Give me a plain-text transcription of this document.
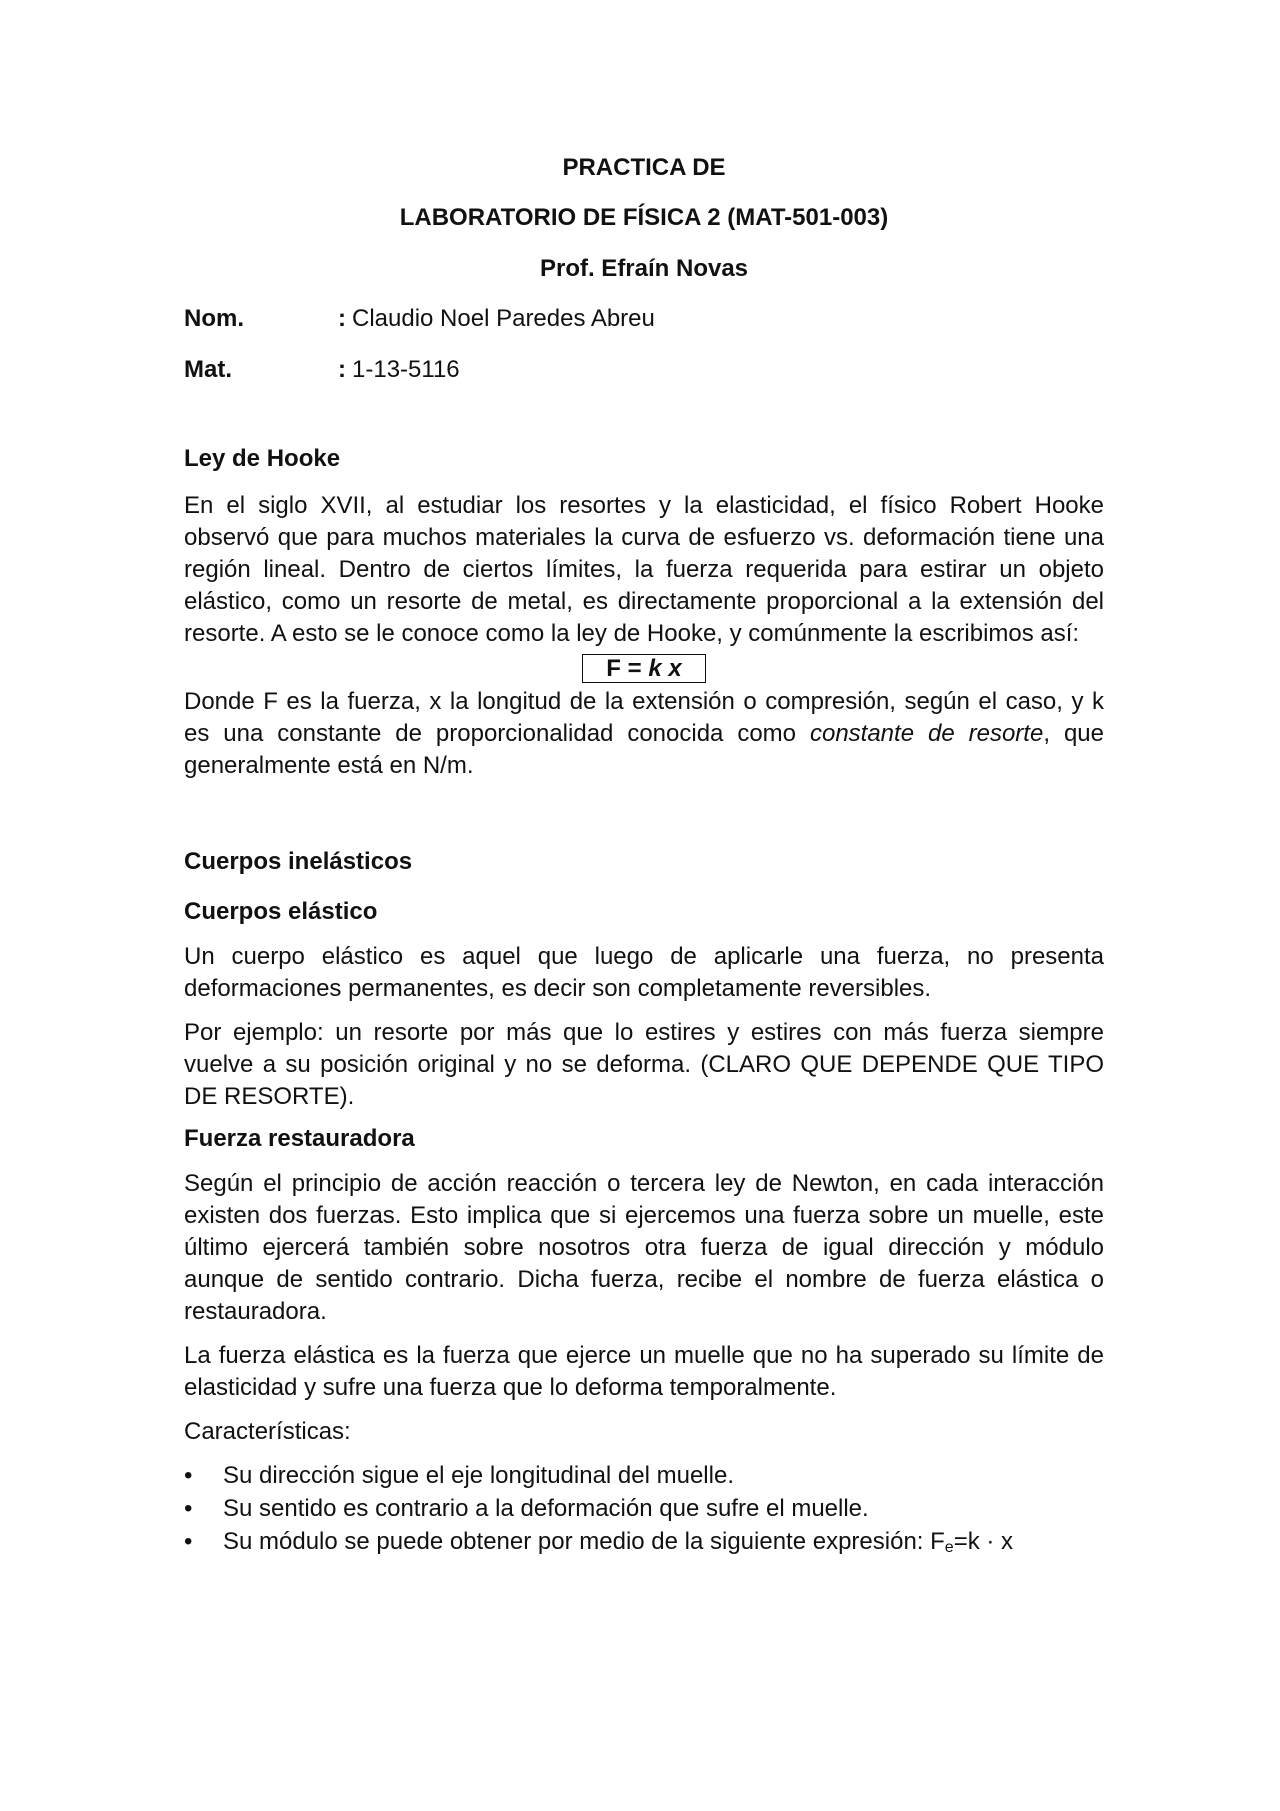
PRACTICA DE

LABORATORIO DE FÍSICA 2 (MAT-501-003)

Prof. Efraín Novas

Nom.	: Claudio Noel Paredes Abreu
Mat.	: 1-13-5116
Ley de Hooke

En el siglo XVII, al estudiar los resortes y la elasticidad, el físico Robert Hooke observó que para muchos materiales la curva de esfuerzo vs. deformación tiene una región lineal. Dentro de ciertos límites, la fuerza requerida para estirar un objeto elástico, como un resorte de metal, es directamente proporcional a la extensión del resorte. A esto se le conoce como la ley de Hooke, y comúnmente la escribimos así:

F = k x

Donde F es la fuerza, x la longitud de la extensión o compresión, según el caso, y k es una constante de proporcionalidad conocida como constante de resorte, que generalmente está en N/m.

Cuerpos inelásticos
Cuerpos elástico

Un cuerpo elástico es aquel que luego de aplicarle una fuerza, no presenta deformaciones permanentes, es decir son completamente reversibles.

Por ejemplo: un resorte por más que lo estires y estires con más fuerza siempre vuelve a su posición original y no se deforma. (CLARO QUE DEPENDE QUE TIPO DE RESORTE).

Fuerza restauradora

Según el principio de acción reacción o tercera ley de Newton, en cada interacción existen dos fuerzas. Esto implica que si ejercemos una fuerza sobre un muelle, este último ejercerá también sobre nosotros otra fuerza de igual dirección y módulo aunque de sentido contrario. Dicha fuerza, recibe el nombre de fuerza elástica o restauradora.

La fuerza elástica es la fuerza que ejerce un muelle que no ha superado su límite de elasticidad y sufre una fuerza que lo deforma temporalmente.

Características:

• Su dirección sigue el eje longitudinal del muelle.
• Su sentido es contrario a la deformación que sufre el muelle.
• Su módulo se puede obtener por medio de la siguiente expresión: $F_e=k \cdot x$
